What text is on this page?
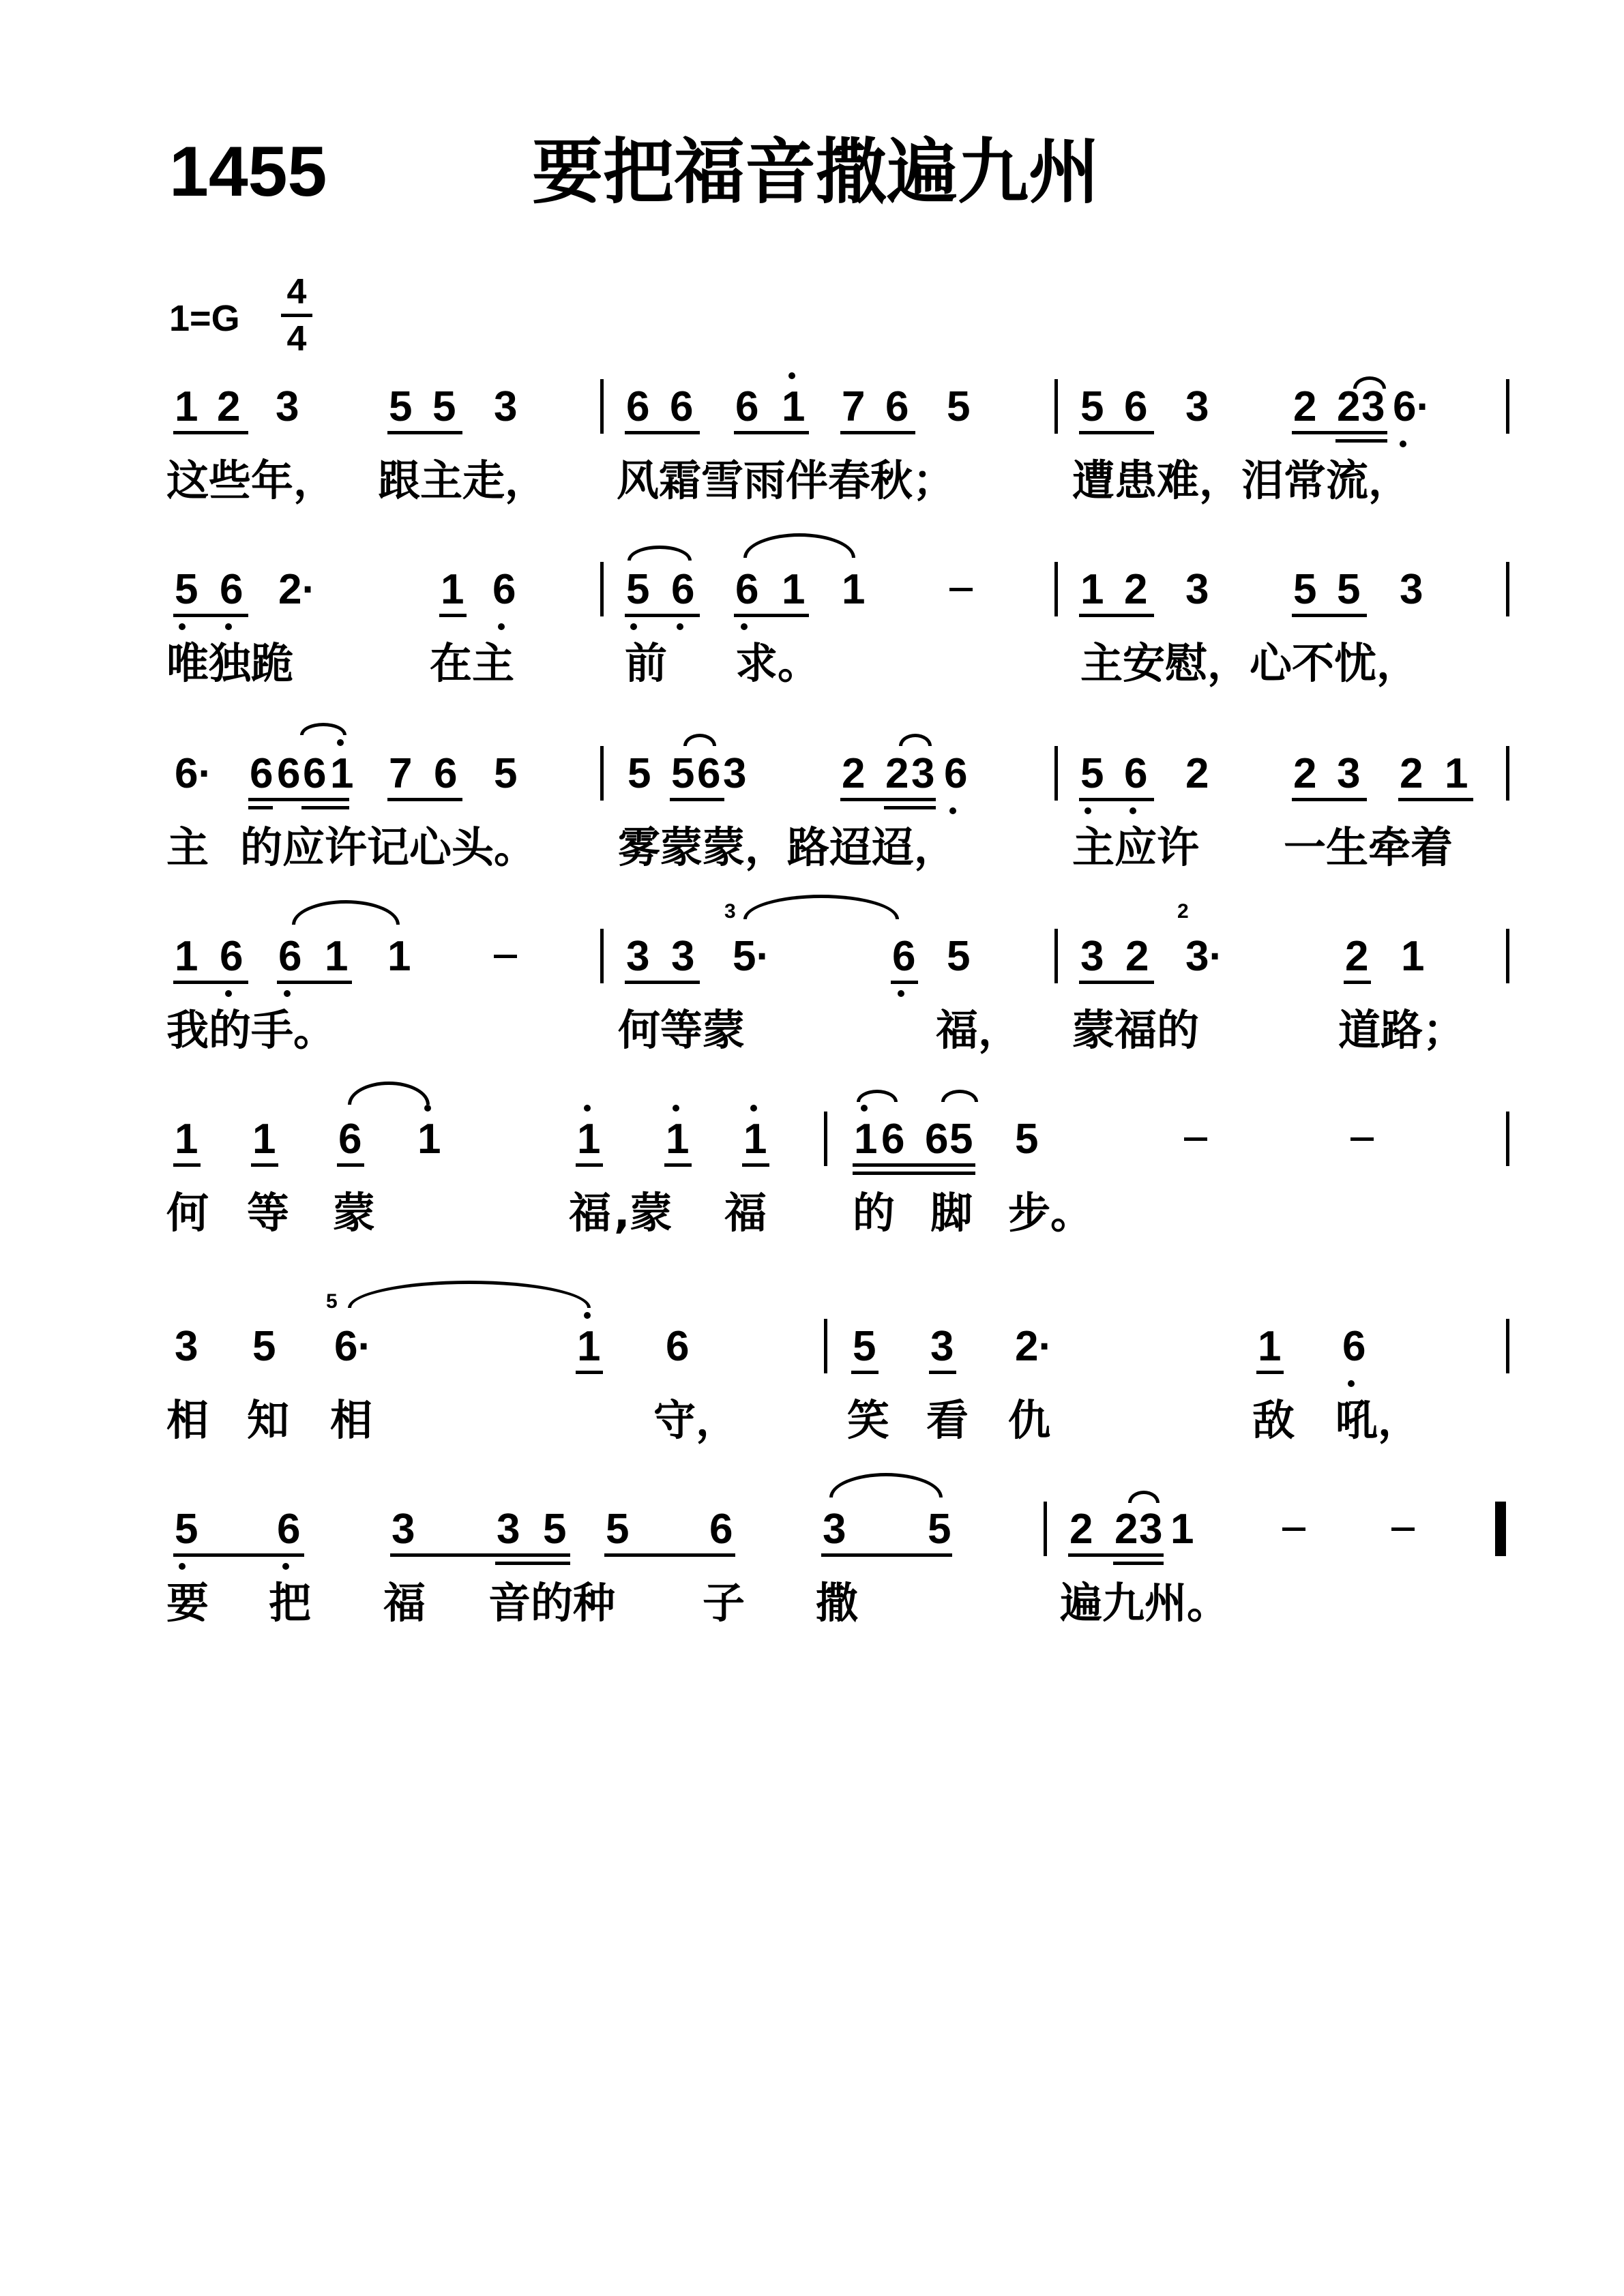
1455	要把福音撒遍九州
1=G
4
4
1 2 3 5 5 3	6 6 6 1 7 6 5	5 6 3 2 2 3 6·
这些年， 跟主走， 风霜雪雨伴春秋；	遭患难，泪常流，
5 6 2·	1 6	5 6 6 1 1	1 2 3 5 5 3
唯独跪	在主	前 求。	主安慰，心不忧，
6· 6 6 6 1 7 6 5	5 5 6 3 2 2 3 6	5 6 2 2 3 2 1
主 的应许记心头。 雾蒙蒙，路迢迢，	主应许 一生牵着
1 6 6 1 1	3 3
3
5·	6 5	3 2
2
3·	2 1
我的手。	何等蒙	福， 蒙福的	道路；
1 1 6 1	1 1 1 1 6 6 5 5
何 等 蒙	福 ,蒙 福 的 脚 步。
3 5
5
6·	1 6	5 3 2·	1 6
相 知 相	守，	笑 看 仇	敌 吼，
5 6 3 3 5 5 6 3 5	2 2 3 1
要 把 福 音的种 子 撒	遍九州。
